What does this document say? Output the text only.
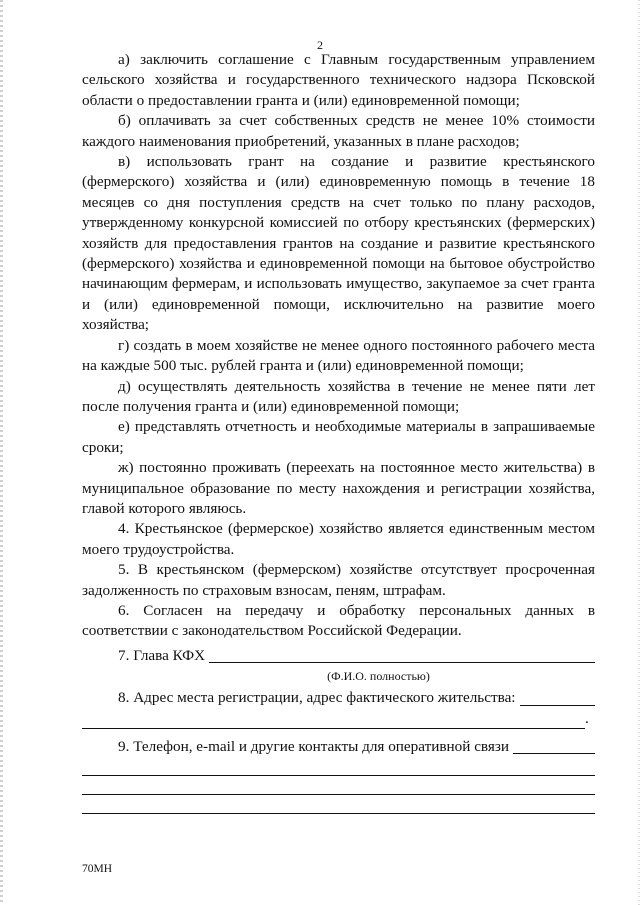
2

а) заключить соглашение с Главным государственным управлением сельского хозяйства и государственного технического надзора Псковской области о предоставлении гранта и (или) единовременной помощи;

б) оплачивать за счет собственных средств не менее 10% стоимости каждого наименования приобретений, указанных в плане расходов;

в) использовать грант на создание и развитие крестьянского (фермерского) хозяйства и (или) единовременную помощь в течение 18 месяцев со дня поступления средств на счет только по плану расходов, утвержденному конкурсной комиссией по отбору крестьянских (фермерских) хозяйств для предоставления грантов на создание и развитие крестьянского (фермерского) хозяйства и единовременной помощи на бытовое обустройство начинающим фермерам, и использовать имущество, закупаемое за счет гранта и (или) единовременной помощи, исключительно на развитие моего хозяйства;

г) создать в моем хозяйстве не менее одного постоянного рабочего места на каждые 500 тыс. рублей гранта и (или) единовременной помощи;

д) осуществлять деятельность хозяйства в течение не менее пяти лет после получения гранта и (или) единовременной помощи;

е) представлять отчетность и необходимые материалы в запрашиваемые сроки;

ж) постоянно проживать (переехать на постоянное место жительства) в муниципальное образование по месту нахождения и регистрации хозяйства, главой которого являюсь.

4. Крестьянское (фермерское) хозяйство является единственным местом моего трудоустройства.

5. В крестьянском (фермерском) хозяйстве отсутствует просроченная задолженность по страховым взносам, пеням, штрафам.

6. Согласен на передачу и обработку персональных данных в соответствии с законодательством Российской Федерации.

7. Глава КФХ
(Ф.И.О. полностью)
8. Адрес места регистрации, адрес фактического жительства:
.
9. Телефон, e-mail и другие контакты для оперативной связи
70МН
